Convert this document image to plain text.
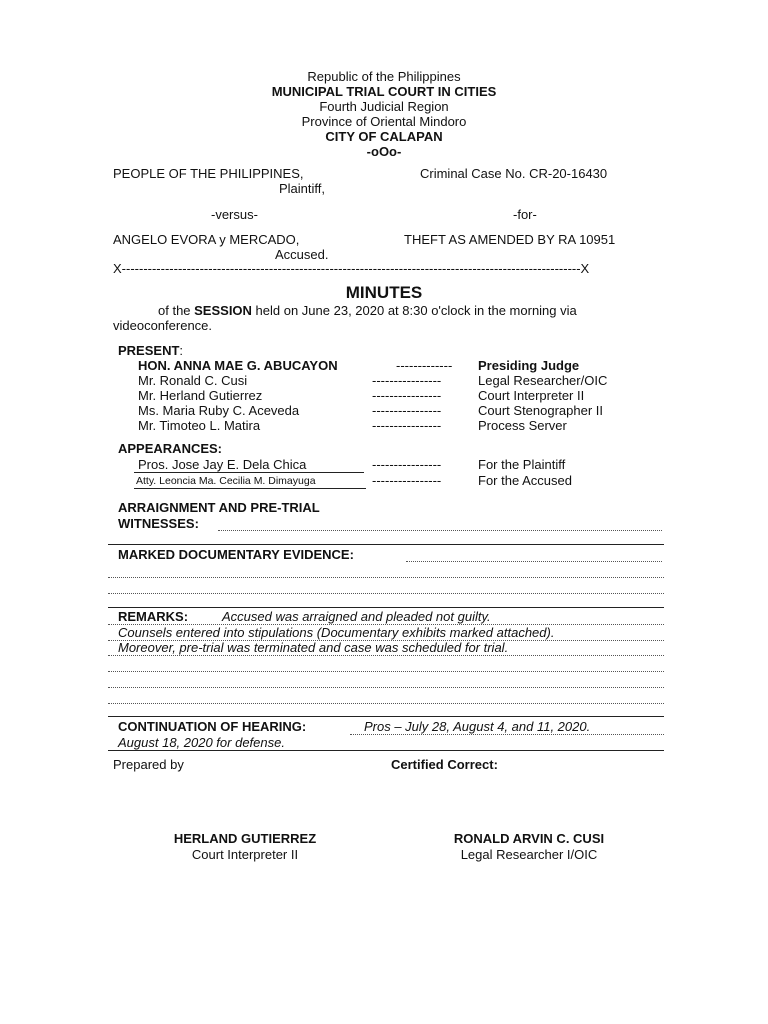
Republic of the Philippines
MUNICIPAL TRIAL COURT IN CITIES
Fourth Judicial Region
Province of Oriental Mindoro
CITY OF CALAPAN
-oOo-
PEOPLE OF THE PHILIPPINES,
Plaintiff,
Criminal Case No. CR-20-16430
-versus-	-for-
ANGELO EVORA y MERCADO,
Accused.
THEFT AS AMENDED BY RA 10951
X----------------------------------------------------------------------------------------------------------X
MINUTES
of the SESSION held on June 23, 2020 at 8:30 o'clock in the morning via
videoconference.
PRESENT:
HON. ANNA MAE G. ABUCAYON	------------- Presiding Judge
Mr. Ronald C. Cusi	----------------	Legal Researcher/OIC
Mr. Herland Gutierrez	----------------	Court Interpreter II
Ms. Maria Ruby C. Aceveda	----------------	Court Stenographer II
Mr. Timoteo L. Matira	----------------	Process Server
APPEARANCES:
Pros. Jose Jay E. Dela Chica	----------------	For the Plaintiff
Atty. Leoncia Ma. Cecilia M. Dimayuga	----------------	For the Accused
ARRAIGNMENT AND PRE-TRIAL
WITNESSES:
MARKED DOCUMENTARY EVIDENCE:
REMARKS:	Accused was arraigned and pleaded not guilty.
Counsels entered into stipulations (Documentary exhibits marked attached).
Moreover, pre-trial was terminated and case was scheduled for trial.
CONTINUATION OF HEARING:	Pros – July 28, August 4, and 11, 2020.
August 18, 2020 for defense.
Prepared by	Certified Correct:
HERLAND GUTIERREZ
Court Interpreter II
RONALD ARVIN C. CUSI
Legal Researcher I/OIC
